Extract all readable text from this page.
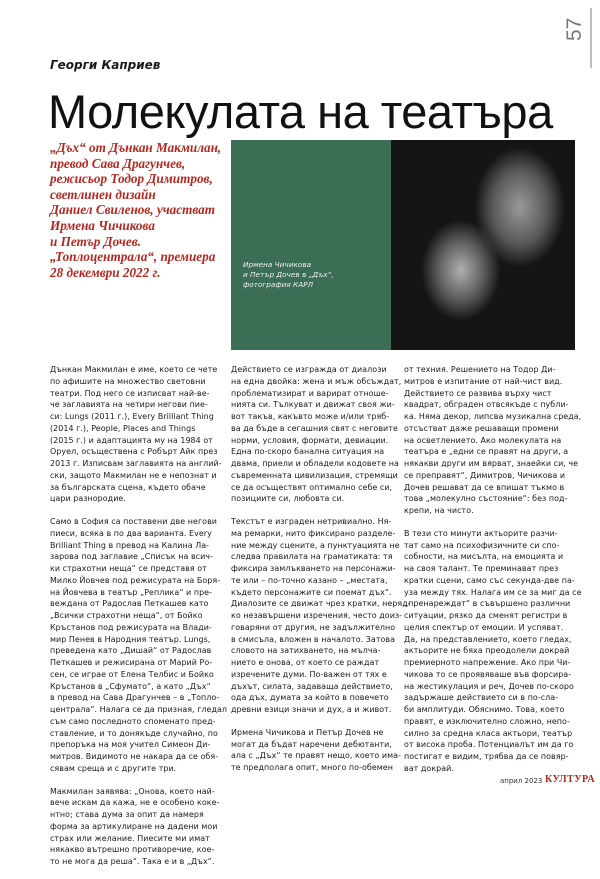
57
Георги Каприев
Молекулата на театъра
„Дъх“ от Дънкан Макмилан,
превод Сава Драгунчев,
режисьор Тодор Димитров,
светлинен дизайн
Даниел Свиленов, участват
Ирмена Чичикова
и Петър Дочев.
„Топлоцентрала“, премиера
28 декември 2022 г.
Ирмена Чичикова
и Петър Дочев в „Дъх“,
фотография КАРЛ

Дънкан Макмилан е име, което се чете
по афишите на множество световни
театри. Под него се изписват най-ве-
че заглавията на четири негови пие-
си: Lungs (2011 г.), Every Brilliant Thing
(2014 г.), People, Places and Things
(2015 г.) и адаптацията му на 1984 от
Оруел, осъществена с Робърт Айк през
2013 г. Изписвам заглавията на англий-
ски, защото Макмилан не е непознат и
за българската сцена, където обаче
цари разнородие.

Само в София са поставени две негови
пиеси, всяка в по два варианта. Every
Brilliant Thing в превод на Калина Ла-
зарова под заглавие „Списък на всич-
ки страхотни неща“ се представя от
Милко Йовчев под режисурата на Боря-
на Йовчева в театър „Реплика“ и пре-
веждана от Радослав Петкашев като
„Всички страхотни неща“, от Бойко
Кръстанов под режисурата на Влади-
мир Пенев в Народния театър. Lungs,
преведена като „Дишай“ от Радослав
Петкашев и режисирана от Марий Ро-
сен, се играе от Елена Телбис и Бойко
Кръстанов в „Сфумато“, а като „Дъх“
в превод на Сава Драгунчев – в „Топло-
централа“. Налага се да призная, гледал
съм само последното споменато пред-
ставление, и то донякъде случайно, по
препоръка на моя учител Симеон Ди-
митров. Видимото не накара да се обя-
сявам среща и с другите три.

Макмилан заявява: „Онова, което най-
вече искам да кажа, не е особено коке-
нтно; става дума за опит да намеря
форма за артикулиране на дадени мои
страх или желание. Пиесите ми имат
някакво вътрешно противоречие, кое-
то не мога да реша“. Така е и в „Дъх“.

Действието се изгражда от диалози
на една двойка: жена и мъж обсъждат,
проблематизират и варират отноше-
нията си. Тълкуват и движат своя жи-
вот такъв, какъвто може и/или тряб-
ва да бъде в сегашния свят с неговите
норми, условия, формати, девиации.
Една по-скоро банална ситуация на
двама, приели и обладели кодовете на
съвременната цивилизация, стремящи
се да осъществят оптимално себе си,
позициите си, любовта си.

Текстът е изграден нетривиално. Ня-
ма ремарки, нито фиксирано разделе-
ние между сцените, а пунктуацията не
следва правилата на граматиката: тя
фиксира замлъкването на персонажи-
те или – по-точно казано – „местата,
където персонажите си поемат дъх“.
Диалозите се движат чрез кратки, неряд-
ко незавършени изречения, често доиз-
говаряни от другия, не задължително
в смисъла, вложен в началото. Затова
словото на затихването, на мълча-
нието е онова, от което се раждат
изречените думи. По-важен от тях е
дъхът, силата, задаваща действието,
ода дъх, думата за който в повечето
древни езици значи и дух, а и живот.

Ирмена Чичикова и Петър Дочев не
могат да бъдат наречени дебютанти,
ала с „Дъх“ те правят нещо, което има-
те предполага опит, много по-обемен

от техния. Решението на Тодор Ди-
митров е изпитание от най-чист вид.
Действието се развива върху чист
квадрат, обграден отвсякъде с публи-
ка. Няма декор, липсва музикална среда,
отсъстват даже решаващи промени
на осветлението. Ако молекулата на
театъра е „едни се правят на други, а
някакви други им вярват, знаейки си, че
се преправят“, Димитров, Чичикова и
Дочев решават да се впишат тъкмо в
това „молекулно състояние“: без под-
крепи, на чисто.

В тези сто минути актьорите разчи-
тат само на психофизичните си спо-
собности, на мисълта, на емоцията и
на своя талант. Те преминават през
кратки сцени, само със секунда-две па-
уза между тях. Налага им се за миг да се
„пренареждат“ в съвършено различни
ситуации, рязко да сменят регистри в
целия спектър от емоции. И успяват.
Да, на представлението, което гледах,
актьорите не бяха преодолели докрай
премиерното напрежение. Ако при Чи-
чикова то се проявяваше във форсира-
на жестикулация и реч, Дочев по-скоро
задържаше действието си в по-сла-
би амплитуди. Обяснимо. Това, което
правят, е изключително сложно, непо-
силно за средна класа актьори, театър
от висока проба. Потенциалът им да го
постигат е видим, трябва да се повяр-
ват докрай.

април 2023 КУЛТУРА
